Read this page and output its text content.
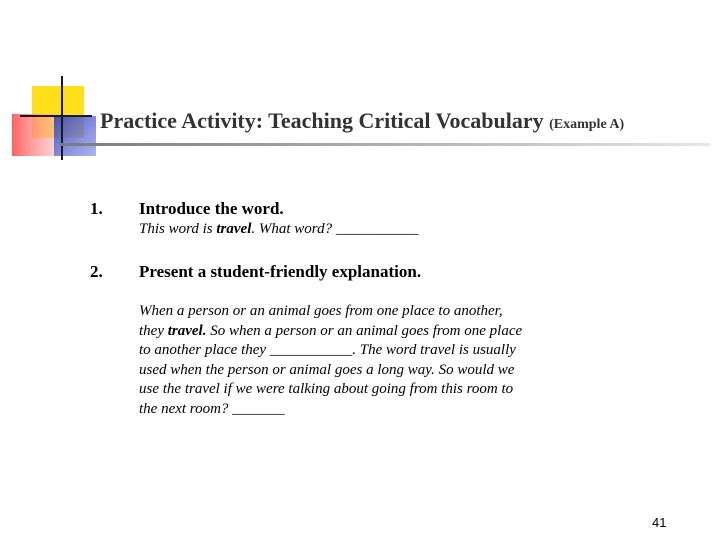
Practice Activity: Teaching Critical Vocabulary (Example A)
1. Introduce the word.
This word is travel. What word? ___________
2. Present a student-friendly explanation.
When a person or an animal goes from one place to another,
they travel. So when a person or an animal goes from one place
to another place they ___________. The word travel is usually
used when the person or animal goes a long way. So would we
use the travel if we were talking about going from this room to
the next room? _______
41
